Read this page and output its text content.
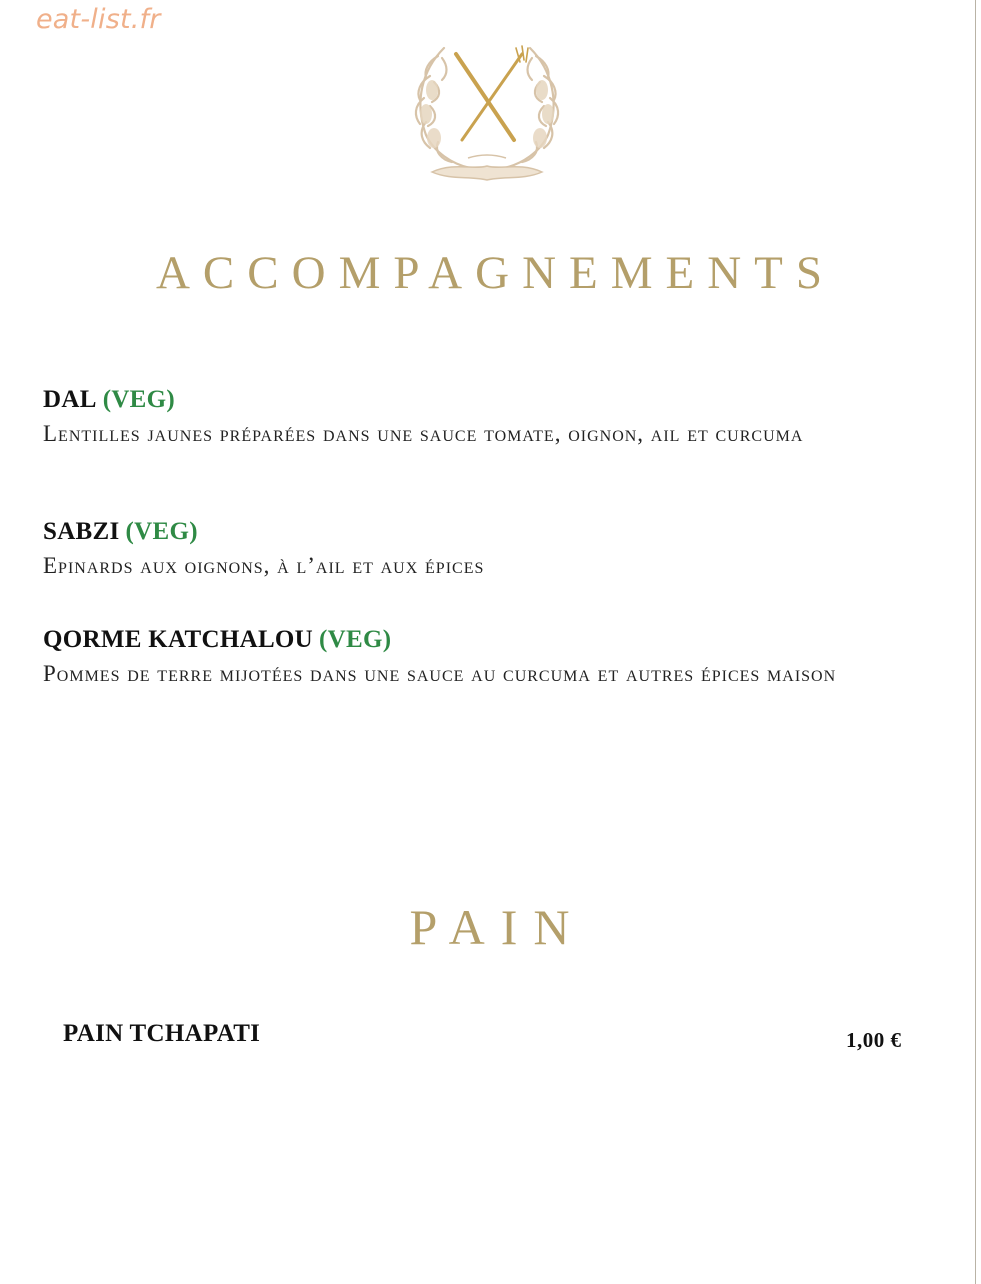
eat-list.fr
ACCOMPAGNEMENTS
DAL (VEG)
Lentilles jaunes préparées dans une sauce tomate, oignon, ail et curcuma
SABZI (VEG)
Epinards aux oignons, à l’ail et aux épices
QORME KATCHALOU (VEG)
Pommes de terre mijotées dans une sauce au curcuma et autres épices maison
PAIN
PAIN TCHAPATI	1,00 €
